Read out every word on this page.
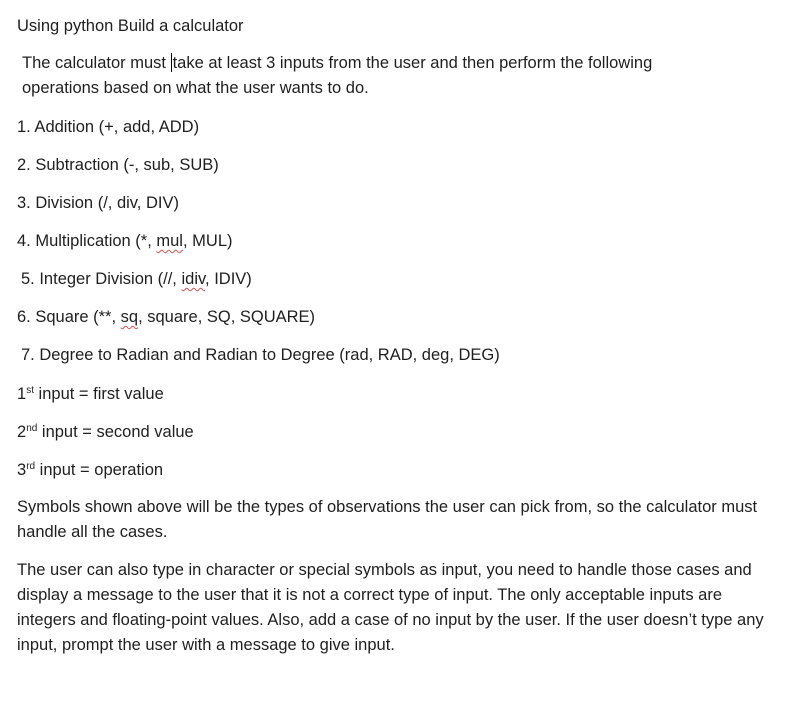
Using python Build a calculator
The calculator must take at least 3 inputs from the user and then perform the following operations based on what the user wants to do.
1. Addition (+, add, ADD)
2. Subtraction (-, sub, SUB)
3. Division (/, div, DIV)
4. Multiplication (*, mul, MUL)
5. Integer Division (//, idiv, IDIV)
6. Square (**, sq, square, SQ, SQUARE)
7. Degree to Radian and Radian to Degree (rad, RAD, deg, DEG)
1st input = first value
2nd input = second value
3rd input = operation
Symbols shown above will be the types of observations the user can pick from, so the calculator must handle all the cases.
The user can also type in character or special symbols as input, you need to handle those cases and display a message to the user that it is not a correct type of input. The only acceptable inputs are integers and floating-point values. Also, add a case of no input by the user. If the user doesn’t type any input, prompt the user with a message to give input.
